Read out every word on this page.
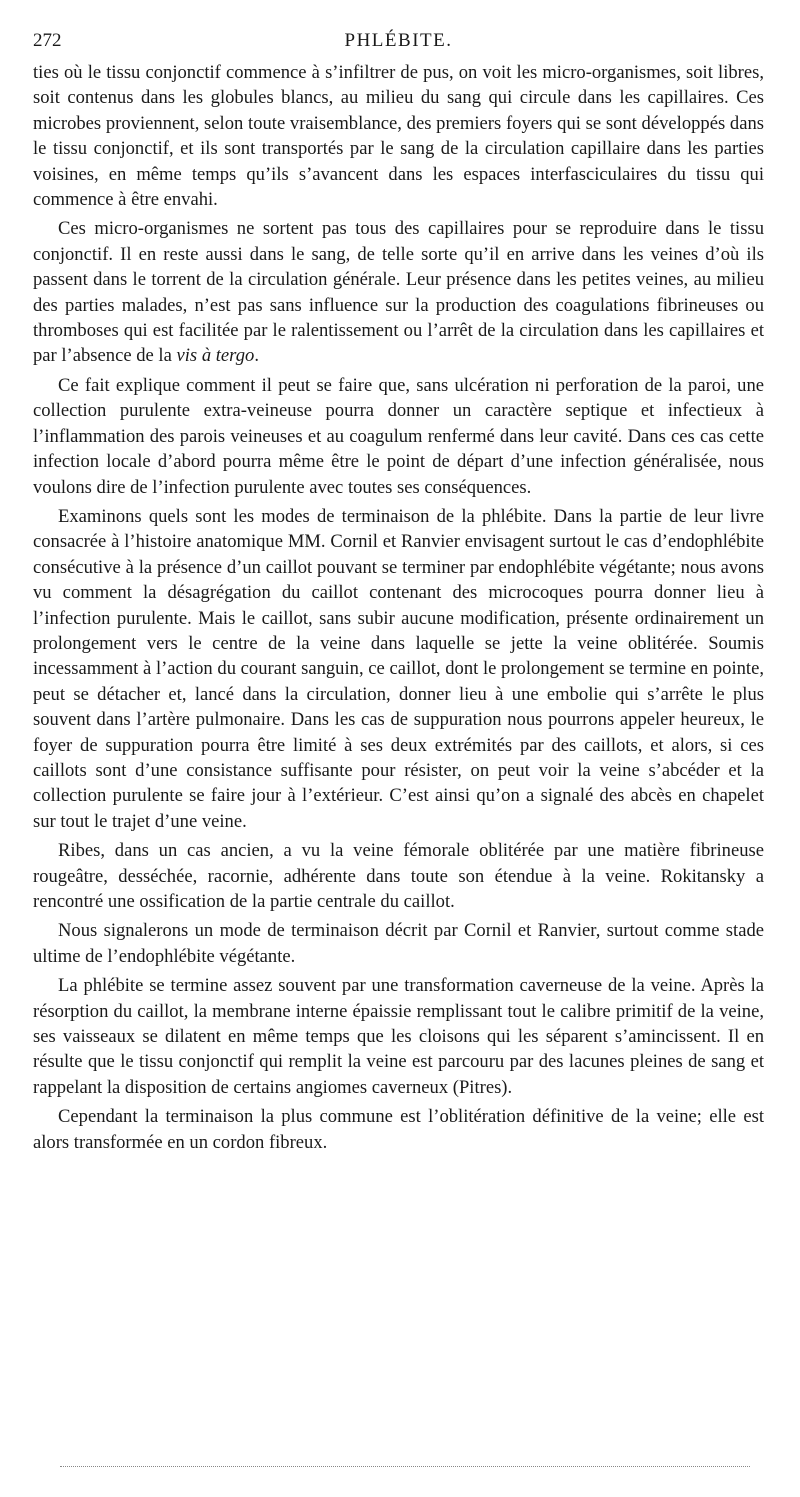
272	PHLÉBITE.

ties où le tissu conjonctif commence à s’infiltrer de pus, on voit les micro-organismes, soit libres, soit contenus dans les globules blancs, au milieu du sang qui circule dans les capillaires. Ces microbes proviennent, selon toute vraisemblance, des premiers foyers qui se sont développés dans le tissu conjonctif, et ils sont transportés par le sang de la circulation capillaire dans les parties voisines, en même temps qu’ils s’avancent dans les espaces interfasciculaires du tissu qui commence à être envahi.

Ces micro-organismes ne sortent pas tous des capillaires pour se reproduire dans le tissu conjonctif. Il en reste aussi dans le sang, de telle sorte qu’il en arrive dans les veines d’où ils passent dans le torrent de la circulation générale. Leur présence dans les petites veines, au milieu des parties malades, n’est pas sans influence sur la production des coagulations fibrineuses ou thromboses qui est facilitée par le ralentissement ou l’arrêt de la circulation dans les capillaires et par l’absence de la vis à tergo.

Ce fait explique comment il peut se faire que, sans ulcération ni perforation de la paroi, une collection purulente extra-veineuse pourra donner un caractère septique et infectieux à l’inflammation des parois veineuses et au coagulum renfermé dans leur cavité. Dans ces cas cette infection locale d’abord pourra même être le point de départ d’une infection généralisée, nous voulons dire de l’infection purulente avec toutes ses conséquences.

Examinons quels sont les modes de terminaison de la phlébite. Dans la partie de leur livre consacrée à l’histoire anatomique MM. Cornil et Ranvier envisagent surtout le cas d’endophlébite consécutive à la présence d’un caillot pouvant se terminer par endophlébite végétante; nous avons vu comment la désagrégation du caillot contenant des microcoques pourra donner lieu à l’infection purulente. Mais le caillot, sans subir aucune modification, présente ordinairement un prolongement vers le centre de la veine dans laquelle se jette la veine oblitérée. Soumis incessamment à l’action du courant sanguin, ce caillot, dont le prolongement se termine en pointe, peut se détacher et, lancé dans la circulation, donner lieu à une embolie qui s’arrête le plus souvent dans l’artère pulmonaire. Dans les cas de suppuration nous pourrons appeler heureux, le foyer de suppuration pourra être limité à ses deux extrémités par des caillots, et alors, si ces caillots sont d’une consistance suffisante pour résister, on peut voir la veine s’abcéder et la collection purulente se faire jour à l’extérieur. C’est ainsi qu’on a signalé des abcès en chapelet sur tout le trajet d’une veine.

Ribes, dans un cas ancien, a vu la veine fémorale oblitérée par une matière fibrineuse rougeâtre, desséchée, racornie, adhérente dans toute son étendue à la veine. Rokitansky a rencontré une ossification de la partie centrale du caillot.

Nous signalerons un mode de terminaison décrit par Cornil et Ranvier, surtout comme stade ultime de l’endophlébite végétante.

La phlébite se termine assez souvent par une transformation caverneuse de la veine. Après la résorption du caillot, la membrane interne épaissie remplissant tout le calibre primitif de la veine, ses vaisseaux se dilatent en même temps que les cloisons qui les séparent s’amincissent. Il en résulte que le tissu conjonctif qui remplit la veine est parcouru par des lacunes pleines de sang et rappelant la disposition de certains angiomes caverneux (Pitres).

Cependant la terminaison la plus commune est l’oblitération définitive de la veine; elle est alors transformée en un cordon fibreux.
